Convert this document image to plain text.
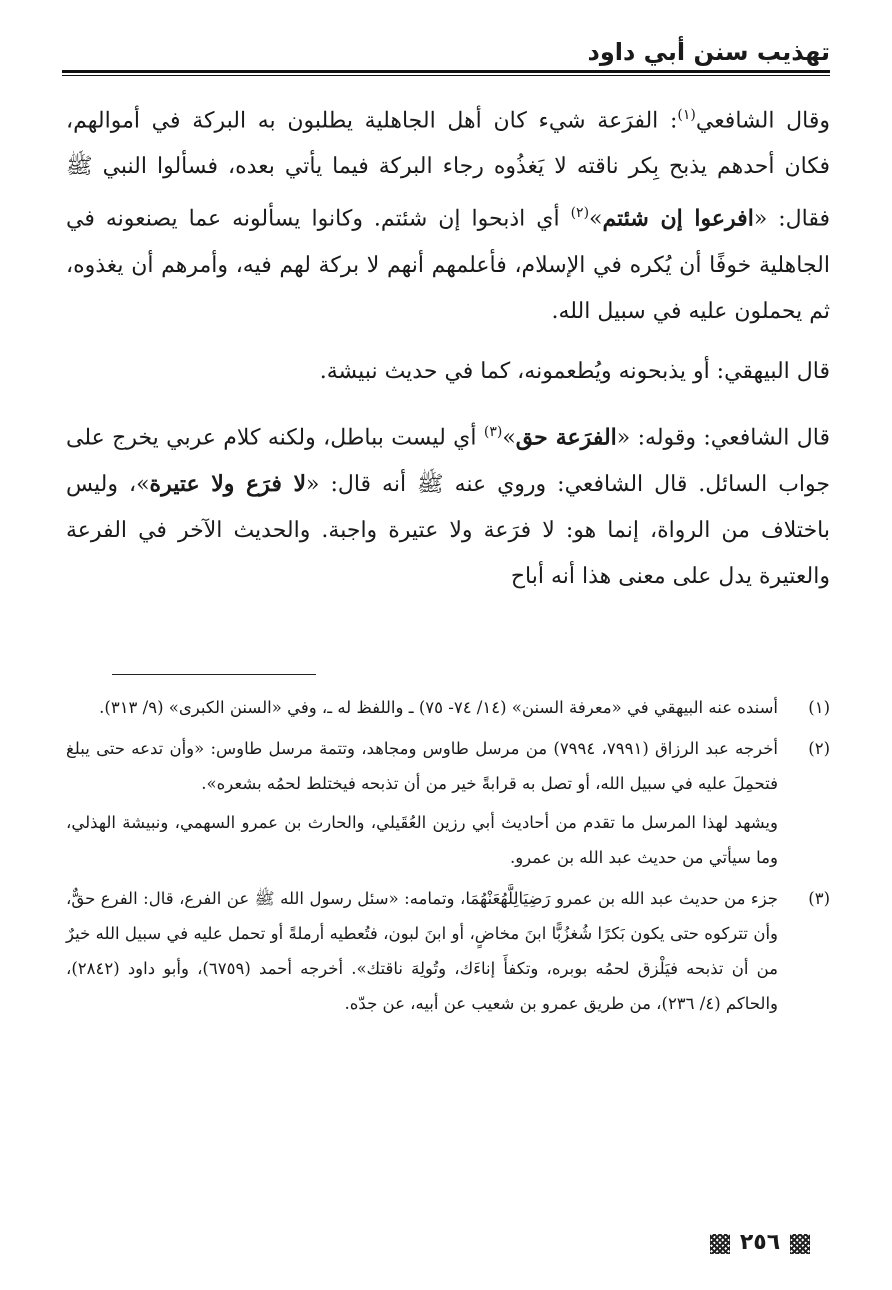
تهذيب سنن أبي داود

وقال الشافعي$^{(١)}$: الفرَعة شيء كان أهل الجاهلية يطلبون به البركة في أموالهم، فكان أحدهم يذبح بِكر ناقته لا يَغذُوه رجاء البركة فيما يأتي بعده، فسألوا النبي ﷺ فقال: «افرعوا إن شئتم»$^{(٢)}$ أي اذبحوا إن شئتم. وكانوا يسألونه عما يصنعونه في الجاهلية خوفًا أن يُكره في الإسلام، فأعلمهم أنهم لا بركة لهم فيه، وأمرهم أن يغذوه، ثم يحملون عليه في سبيل الله.

قال البيهقي: أو يذبحونه ويُطعمونه، كما في حديث نبيشة.

قال الشافعي: وقوله: «الفرَعة حق»$^{(٣)}$ أي ليست بباطل، ولكنه كلام عربي يخرج على جواب السائل. قال الشافعي: وروي عنه ﷺ أنه قال: «لا فرَع ولا عتيرة»، وليس باختلاف من الرواة، إنما هو: لا فرَعة ولا عتيرة واجبة. والحديث الآخر في الفرعة والعتيرة يدل على معنى هذا أنه أباح

(١)
أسنده عنه البيهقي في «معرفة السنن» (١٤/ ٧٤- ٧٥) ـ واللفظ له ـ، وفي «السنن الكبرى» (٩/ ٣١٣).
(٢)
أخرجه عبد الرزاق (٧٩٩١، ٧٩٩٤) من مرسل طاوس ومجاهد، وتتمة مرسل طاوس: «وأن تدعه حتى يبلغ فتحمِلَ عليه في سبيل الله، أو تصل به قرابةً خير من أن تذبحه فيختلط لحمُه بشعره».
ويشهد لهذا المرسل ما تقدم من أحاديث أبي رزين العُقَيلي، والحارث بن عمرو السهمي، ونبيشة الهذلي، وما سيأتي من حديث عبد الله بن عمرو.
(٣)
جزء من حديث عبد الله بن عمرو رَضِيَالِلَّهُعَنْهُمَا، وتمامه: «سئل رسول الله ﷺ عن الفرع، قال: الفرع حقٌّ، وأن تتركوه حتى يكون بَكرًا شُغزُبًّا ابنَ مخاضٍ، أو ابنَ لبون، فتُعطيه أرملةً أو تحمل عليه في سبيل الله خيرٌ من أن تذبحه فيَلْزق لحمُه بوبره، وتكفأَ إناءَك، وتُولِهَ ناقتك». أخرجه أحمد (٦٧٥٩)، وأبو داود (٢٨٤٢)، والحاكم (٤/ ٢٣٦)، من طريق عمرو بن شعيب عن أبيه، عن جدّه.
٢٥٦
